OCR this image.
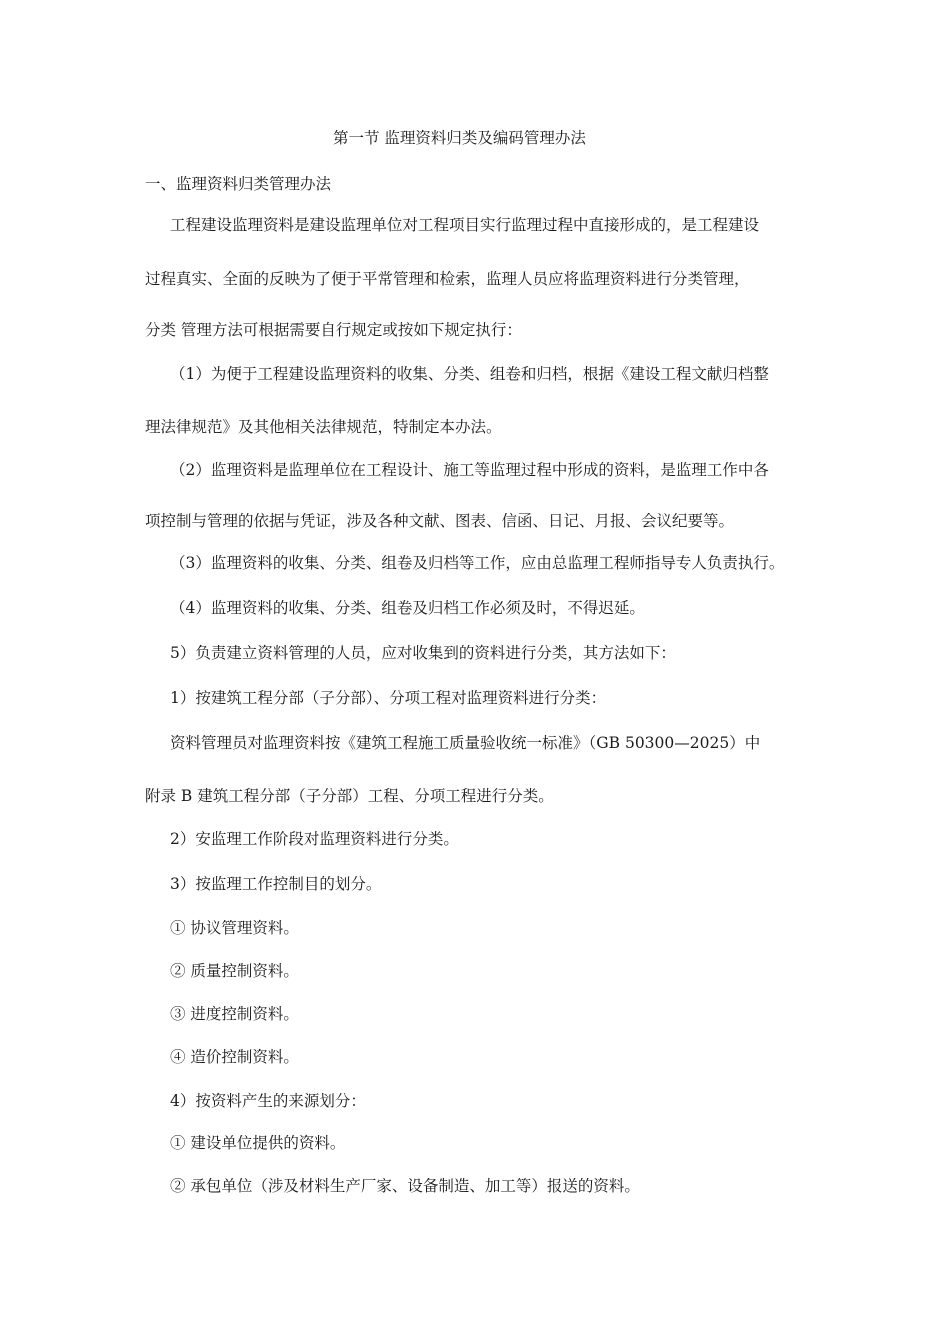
第一节 监理资料归类及编码管理办法

一、监理资料归类管理办法

工程建设监理资料是建设监理单位对工程项目实行监理过程中直接形成的，是工程建设

过程真实、全面的反映为了便于平常管理和检索，监理人员应将监理资料进行分类管理，

分类 管理方法可根据需要自行规定或按如下规定执行：

（1）为便于工程建设监理资料的收集、分类、组卷和归档，根据《建设工程文献归档整

理法律规范》及其他相关法律规范，特制定本办法。

（2）监理资料是监理单位在工程设计、施工等监理过程中形成的资料，是监理工作中各

项控制与管理的依据与凭证，涉及各种文献、图表、信函、日记、月报、会议纪要等。

（3）监理资料的收集、分类、组卷及归档等工作，应由总监理工程师指导专人负责执行。

（4）监理资料的收集、分类、组卷及归档工作必须及时，不得迟延。

5）负责建立资料管理的人员，应对收集到的资料进行分类，其方法如下：

1）按建筑工程分部（子分部）、分项工程对监理资料进行分类：

资料管理员对监理资料按《建筑工程施工质量验收统一标准》（GB 50300—2025）中

附录 B 建筑工程分部（子分部）工程、分项工程进行分类。

2）安监理工作阶段对监理资料进行分类。

3）按监理工作控制目的划分。

① 协议管理资料。

② 质量控制资料。

③ 进度控制资料。

④ 造价控制资料。

4）按资料产生的来源划分：

① 建设单位提供的资料。

② 承包单位（涉及材料生产厂家、设备制造、加工等）报送的资料。
